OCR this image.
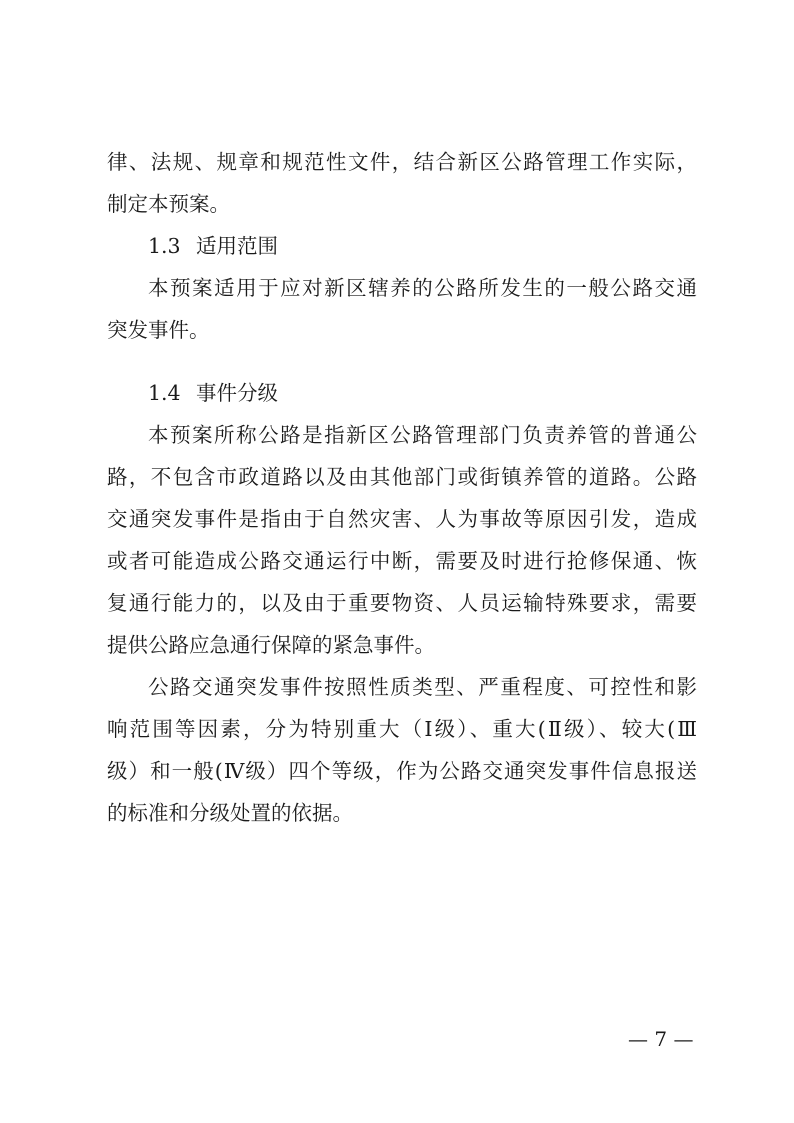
律、法规、规章和规范性文件，结合新区公路管理工作实际，
制定本预案。
1.3 适用范围
本预案适用于应对新区辖养的公路所发生的一般公路交通
突发事件。
1.4 事件分级
本预案所称公路是指新区公路管理部门负责养管的普通公
路，不包含市政道路以及由其他部门或街镇养管的道路。公路
交通突发事件是指由于自然灾害、人为事故等原因引发，造成
或者可能造成公路交通运行中断，需要及时进行抢修保通、恢
复通行能力的，以及由于重要物资、人员运输特殊要求，需要
提供公路应急通行保障的紧急事件。
公路交通突发事件按照性质类型、严重程度、可控性和影
响范围等因素，分为特别重大（Ⅰ级）、重大(Ⅱ级）、较大(Ⅲ
级）和一般(Ⅳ级）四个等级，作为公路交通突发事件信息报送
的标准和分级处置的依据。
— 7 —
